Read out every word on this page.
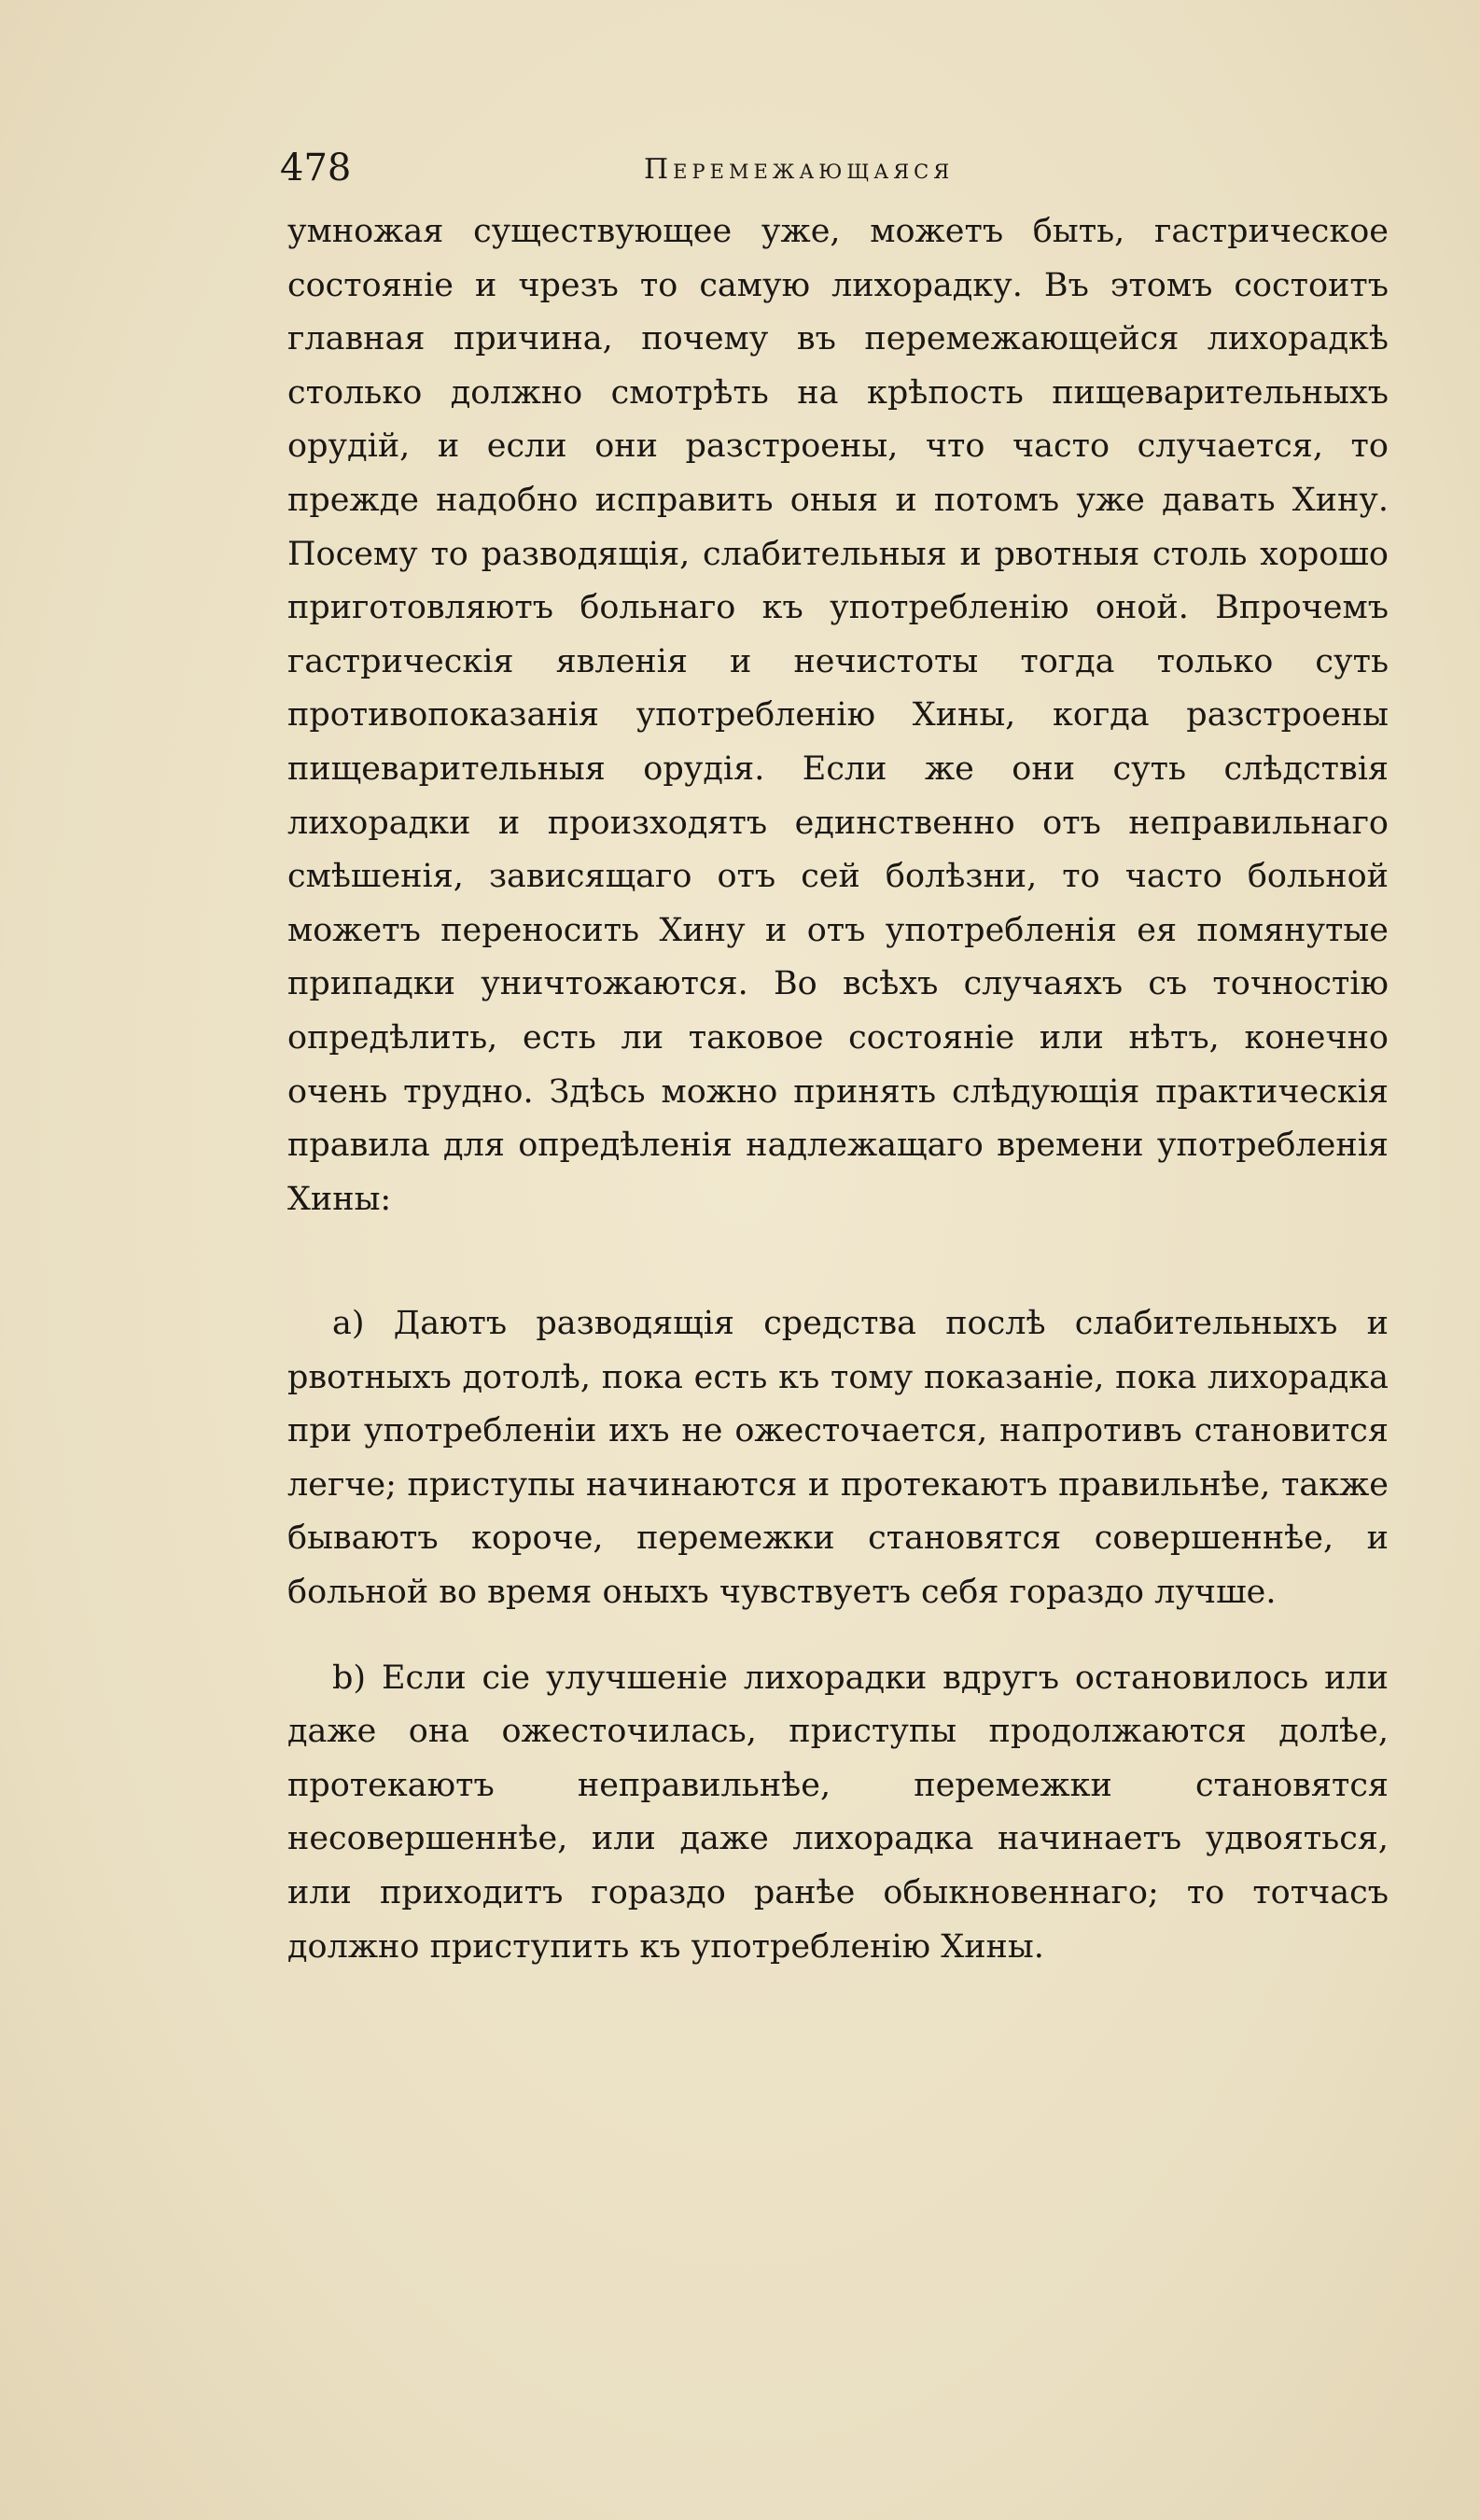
478	Перемежающаяся

умножая существующее уже, можетъ быть, гастрическое состоянiе и чрезъ то самую лихорадку. Въ этомъ состоитъ главная причина, почему въ перемежающейся лихорадкѣ столько должно смотрѣть на крѣпость пищеварительныхъ орудiй, и если они разстроены, что часто случается, то прежде надобно исправить оныя и потомъ уже давать Хину. Посему то разводящiя, слабительныя и рвотныя столь хорошо приготовляютъ больнаго къ употребленiю оной. Впрочемъ гастрическiя явленiя и нечистоты тогда только суть противопоказанiя употребленiю Хины, когда разстроены пищеварительныя орудiя. Если же они суть слѣдствiя лихорадки и произходятъ единственно отъ неправильнаго смѣшенiя, зависящаго отъ сей болѣзни, то часто больной можетъ переносить Хину и отъ употребленiя ея помянутые припадки уничтожаются. Во всѣхъ случаяхъ съ точностiю опредѣлить, есть ли таковое состоянiе или нѣтъ, конечно очень трудно. Здѣсь можно принять слѣдующiя практическiя правила для опредѣленiя надлежащаго времени употребленiя Хины:

a) Даютъ разводящiя средства послѣ слабительныхъ и рвотныхъ дотолѣ, пока есть къ тому показанiе, пока лихорадка при употребленiи ихъ не ожесточается, напротивъ становится легче; приступы начинаются и протекаютъ правильнѣе, также бываютъ короче, перемежки становятся совершеннѣе, и больной во время оныхъ чувствуетъ себя гораздо лучше.

b) Если сiе улучшенiе лихорадки вдругъ остановилось или даже она ожесточилась, приступы продолжаются долѣе, протекаютъ неправильнѣе, перемежки становятся несовершеннѣе, или даже лихорадка начинаетъ удвояться, или приходитъ гораздо ранѣе обыкновеннаго; то тотчасъ должно приступить къ употребленiю Хины.
